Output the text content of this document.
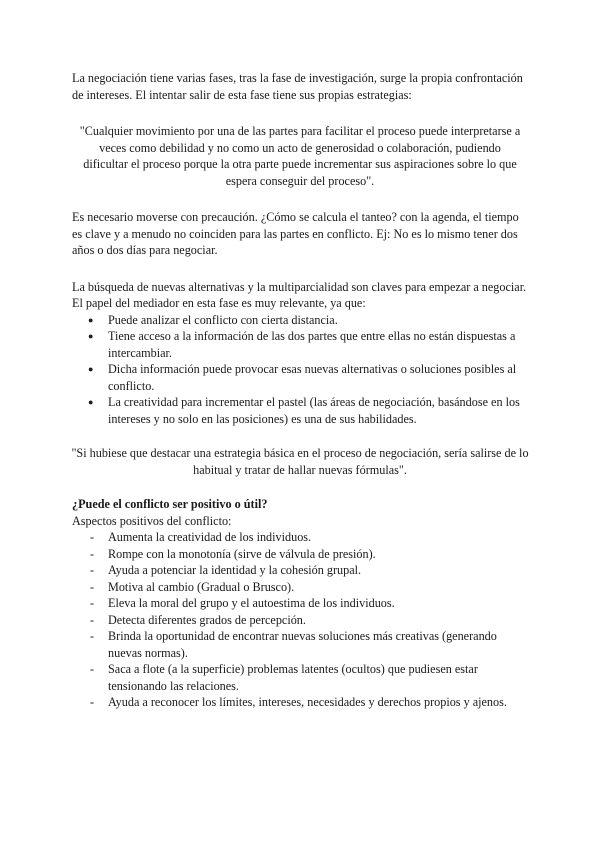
La negociación tiene varias fases, tras la fase de investigación, surge la propia confrontación de intereses. El intentar salir de esta fase tiene sus propias estrategias:

"Cualquier movimiento por una de las partes para facilitar el proceso puede interpretarse a veces como debilidad y no como un acto de generosidad o colaboración, pudiendo dificultar el proceso porque la otra parte puede incrementar sus aspiraciones sobre lo que espera conseguir del proceso".

Es necesario moverse con precaución. ¿Cómo se calcula el tanteo? con la agenda, el tiempo es clave y a menudo no coinciden para las partes en conflicto. Ej: No es lo mismo tener dos años o dos días para negociar.

La búsqueda de nuevas alternativas y la multiparcialidad son claves para empezar a negociar. El papel del mediador en esta fase es muy relevante, ya que:

● Puede analizar el conflicto con cierta distancia.
● Tiene acceso a la información de las dos partes que entre ellas no están dispuestas a intercambiar.
● Dicha información puede provocar esas nuevas alternativas o soluciones posibles al conflicto.
● La creatividad para incrementar el pastel (las áreas de negociación, basándose en los intereses y no solo en las posiciones) es una de sus habilidades.

"Si hubiese que destacar una estrategia básica en el proceso de negociación, sería salirse de lo habitual y tratar de hallar nuevas fórmulas".

¿Puede el conflicto ser positivo o útil?

Aspectos positivos del conflicto:

- Aumenta la creatividad de los individuos.
- Rompe con la monotonía (sirve de válvula de presión).
- Ayuda a potenciar la identidad y la cohesión grupal.
- Motiva al cambio (Gradual o Brusco).
- Eleva la moral del grupo y el autoestima de los individuos.
- Detecta diferentes grados de percepción.
- Brinda la oportunidad de encontrar nuevas soluciones más creativas (generando nuevas normas).
- Saca a flote (a la superficie) problemas latentes (ocultos) que pudiesen estar tensionando las relaciones.
- Ayuda a reconocer los límites, intereses, necesidades y derechos propios y ajenos.
